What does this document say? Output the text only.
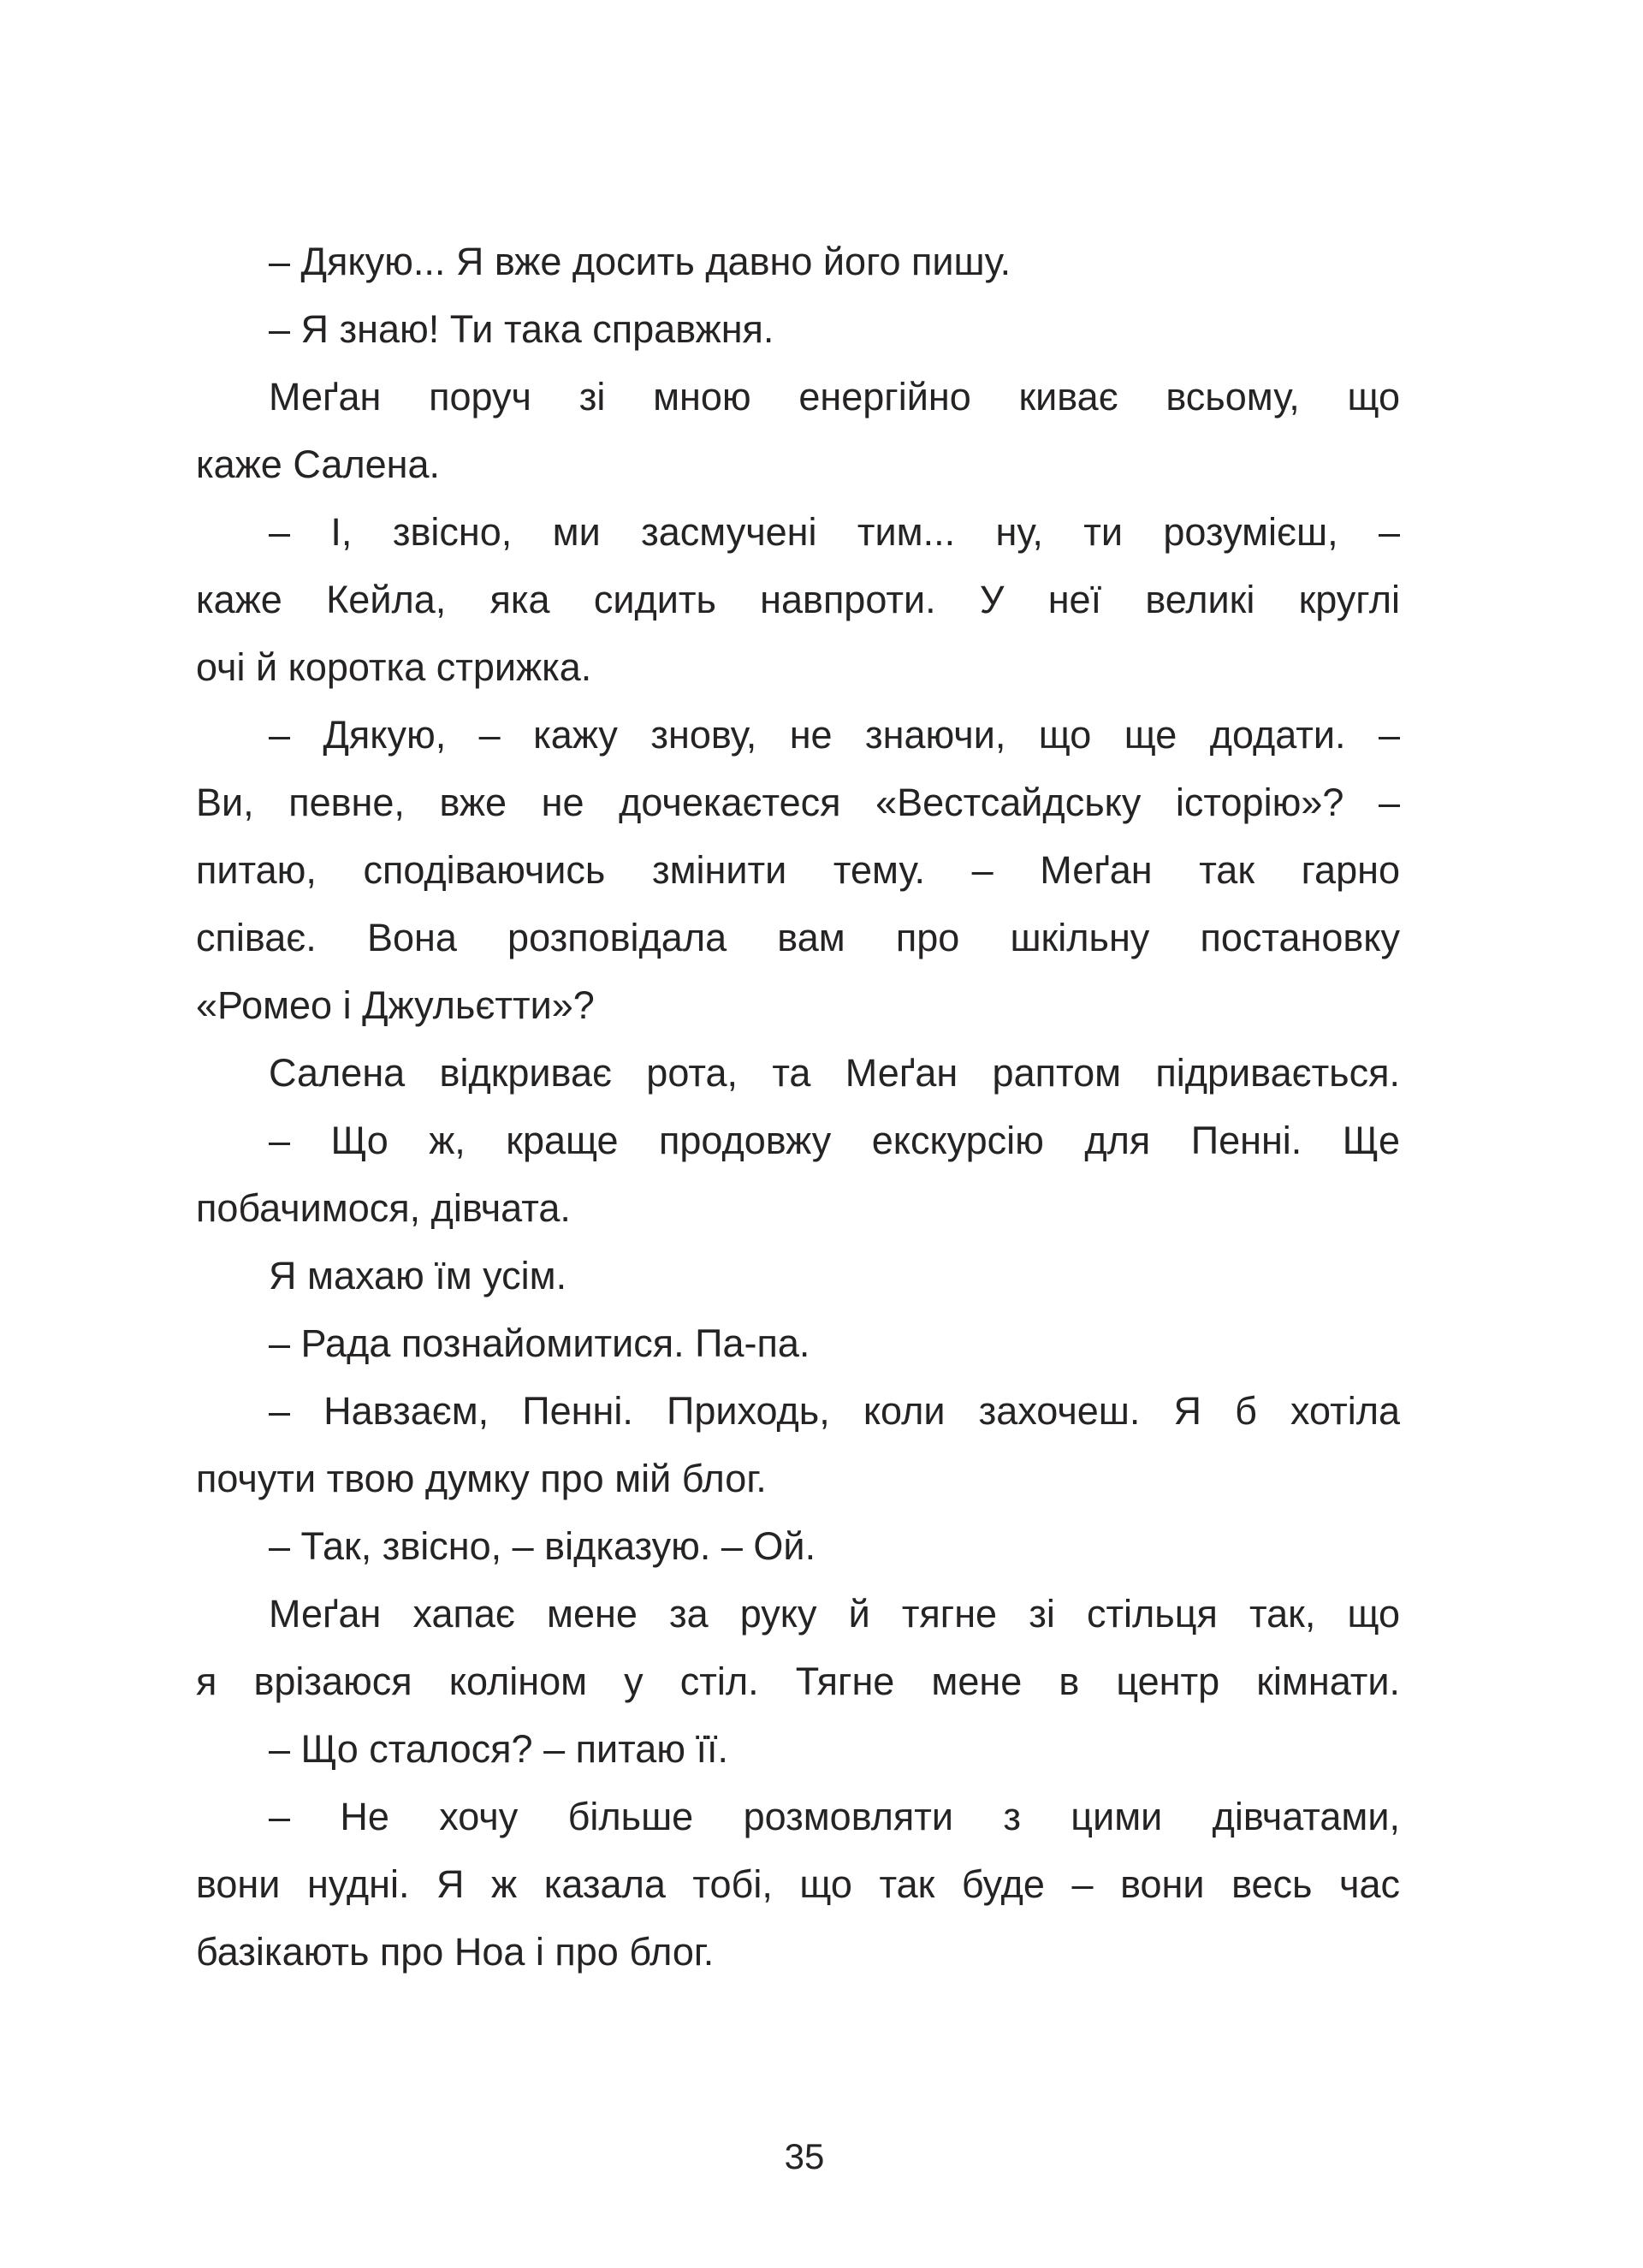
– Дякую... Я вже досить давно його пишу.
– Я знаю! Ти така справжня.
Меґан поруч зі мною енергійно киває всьому, що
каже Салена.
– І, звісно, ми засмучені тим... ну, ти розумієш, –
каже Кейла, яка сидить навпроти. У неї великі круглі
очі й коротка стрижка.
– Дякую, – кажу знову, не знаючи, що ще додати. –
Ви, певне, вже не дочекаєтеся «Вестсайдську історію»? –
питаю, сподіваючись змінити тему. – Меґан так гарно
співає. Вона розповідала вам про шкільну постановку
«Ромео і Джульєтти»?
Салена відкриває рота, та Меґан раптом підривається.
– Що ж, краще продовжу екскурсію для Пенні. Ще
побачимося, дівчата.
Я махаю їм усім.
– Рада познайомитися. Па-па.
– Навзаєм, Пенні. Приходь, коли захочеш. Я б хотіла
почути твою думку про мій блог.
– Так, звісно, – відказую. – Ой.
Меґан хапає мене за руку й тягне зі стільця так, що
я врізаюся коліном у стіл. Тягне мене в центр кімнати.
– Що сталося? – питаю її.
– Не хочу більше розмовляти з цими дівчатами,
вони нудні. Я ж казала тобі, що так буде – вони весь час
базікають про Ноа і про блог.
35
